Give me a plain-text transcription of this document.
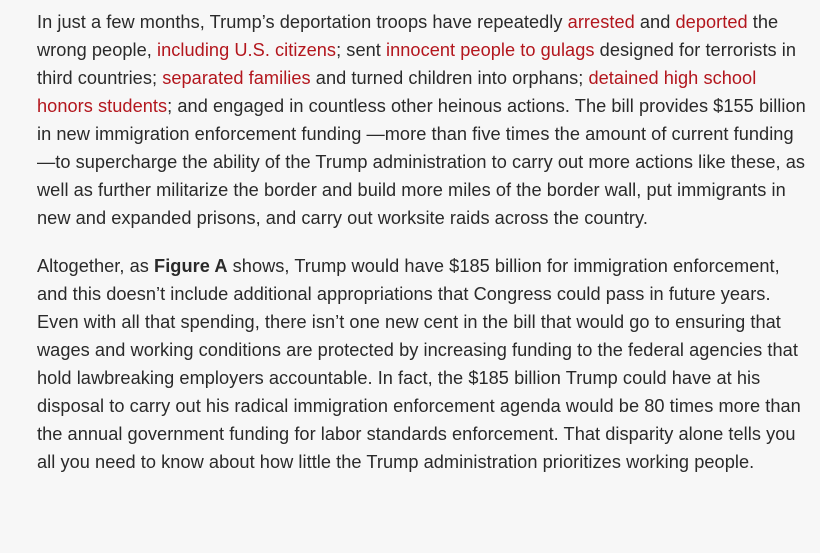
In just a few months, Trump’s deportation troops have repeatedly arrested and deported the wrong people, including U.S. citizens; sent innocent people to gulags designed for terrorists in third countries; separated families and turned children into orphans; detained high school honors students; and engaged in countless other heinous actions. The bill provides $155 billion in new immigration enforcement funding —more than five times the amount of current funding—to supercharge the ability of the Trump administration to carry out more actions like these, as well as further militarize the border and build more miles of the border wall, put immigrants in new and expanded prisons, and carry out worksite raids across the country.

Altogether, as Figure A shows, Trump would have $185 billion for immigration enforcement, and this doesn’t include additional appropriations that Congress could pass in future years. Even with all that spending, there isn’t one new cent in the bill that would go to ensuring that wages and working conditions are protected by increasing funding to the federal agencies that hold lawbreaking employers accountable. In fact, the $185 billion Trump could have at his disposal to carry out his radical immigration enforcement agenda would be 80 times more than the annual government funding for labor standards enforcement. That disparity alone tells you all you need to know about how little the Trump administration prioritizes working people.
